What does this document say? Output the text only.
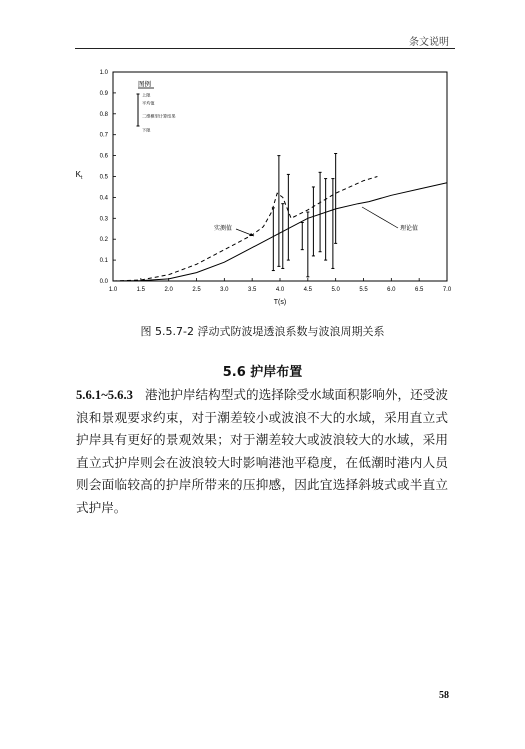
条文说明
1.0	1.5	2.0	2.5	3.0	3.5	4.0	4.5	5.0	5.5	6.0	6.5	7.0
0.0
0.1
0.2
0.3
0.4
0.5
0.6
0.7
0.8
0.9
1.0
T(s)
$K_t$
实测值	理论值
图例
上限
平均值
二维模型计算结果
下限
图 5.5.7-2 浮动式防波堤透浪系数与波浪周期关系
5.6 护岸布置
5.6.1~5.6.3 港池护岸结构型式的选择除受水域面积影响外，还受波浪和景观要求约束，对于潮差较小或波浪不大的水域，采用直立式护岸具有更好的景观效果；对于潮差较大或波浪较大的水域，采用直立式护岸则会在波浪较大时影响港池平稳度，在低潮时港内人员则会面临较高的护岸所带来的压抑感，因此宜选择斜坡式或半直立式护岸。
58
